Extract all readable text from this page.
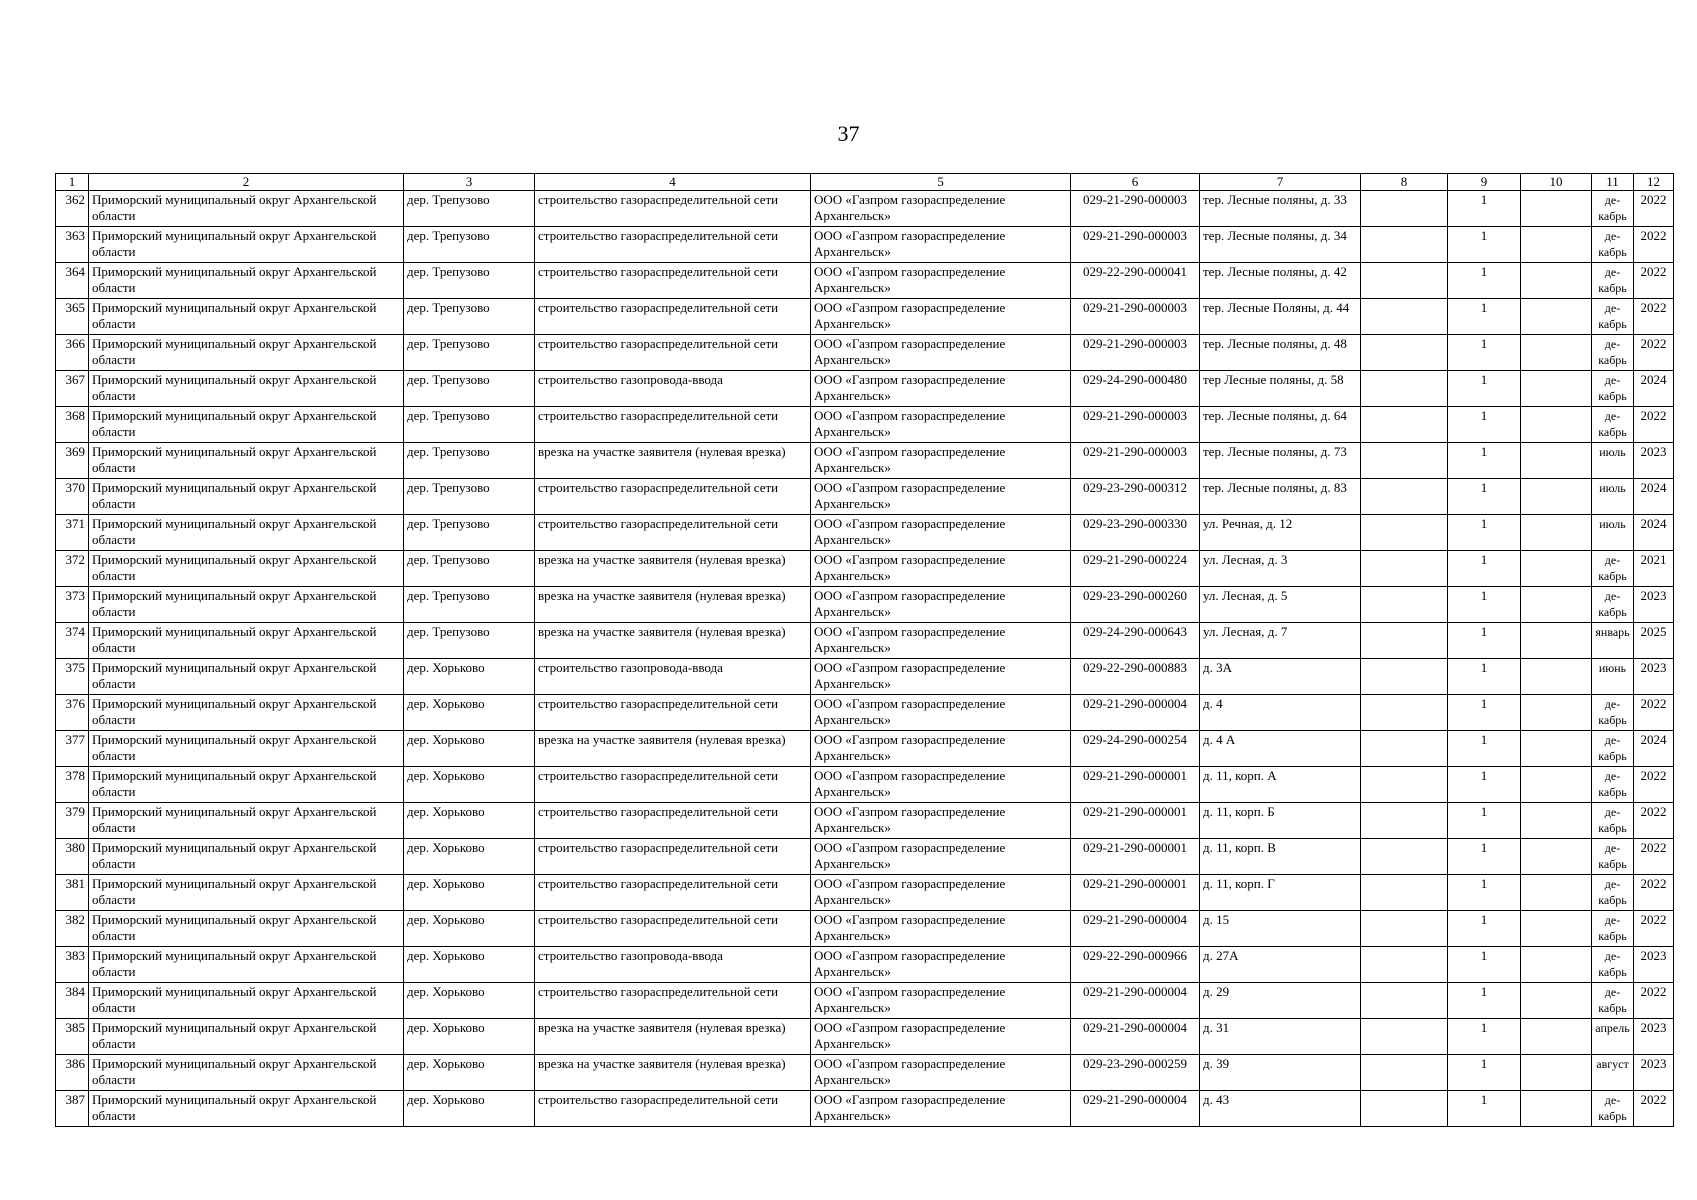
37
1	2	3	4	5	6	7	8	9	10	11	12
362	Приморский муниципальный округ Архангельской области	дер. Трепузово	строительство газораспределительной сети	ООО «Газпром газораспределение Архангельск»	029-21-290-000003	тер. Лесные поляны, д. 33		1		де-кабрь	2022
363	Приморский муниципальный округ Архангельской области	дер. Трепузово	строительство газораспределительной сети	ООО «Газпром газораспределение Архангельск»	029-21-290-000003	тер. Лесные поляны, д. 34		1		де-кабрь	2022
364	Приморский муниципальный округ Архангельской области	дер. Трепузово	строительство газораспределительной сети	ООО «Газпром газораспределение Архангельск»	029-22-290-000041	тер. Лесные поляны, д. 42		1		де-кабрь	2022
365	Приморский муниципальный округ Архангельской области	дер. Трепузово	строительство газораспределительной сети	ООО «Газпром газораспределение Архангельск»	029-21-290-000003	тер. Лесные Поляны, д. 44		1		де-кабрь	2022
366	Приморский муниципальный округ Архангельской области	дер. Трепузово	строительство газораспределительной сети	ООО «Газпром газораспределение Архангельск»	029-21-290-000003	тер. Лесные поляны, д. 48		1		де-кабрь	2022
367	Приморский муниципальный округ Архангельской области	дер. Трепузово	строительство газопровода-ввода	ООО «Газпром газораспределение Архангельск»	029-24-290-000480	тер Лесные поляны, д. 58		1		де-кабрь	2024
368	Приморский муниципальный округ Архангельской области	дер. Трепузово	строительство газораспределительной сети	ООО «Газпром газораспределение Архангельск»	029-21-290-000003	тер. Лесные поляны, д. 64		1		де-кабрь	2022
369	Приморский муниципальный округ Архангельской области	дер. Трепузово	врезка на участке заявителя (нулевая врезка)	ООО «Газпром газораспределение Архангельск»	029-21-290-000003	тер. Лесные поляны, д. 73		1		июль	2023
370	Приморский муниципальный округ Архангельской области	дер. Трепузово	строительство газораспределительной сети	ООО «Газпром газораспределение Архангельск»	029-23-290-000312	тер. Лесные поляны, д. 83		1		июль	2024
371	Приморский муниципальный округ Архангельской области	дер. Трепузово	строительство газораспределительной сети	ООО «Газпром газораспределение Архангельск»	029-23-290-000330	ул. Речная, д. 12		1		июль	2024
372	Приморский муниципальный округ Архангельской области	дер. Трепузово	врезка на участке заявителя (нулевая врезка)	ООО «Газпром газораспределение Архангельск»	029-21-290-000224	ул. Лесная, д. 3		1		де-кабрь	2021
373	Приморский муниципальный округ Архангельской области	дер. Трепузово	врезка на участке заявителя (нулевая врезка)	ООО «Газпром газораспределение Архангельск»	029-23-290-000260	ул. Лесная, д. 5		1		де-кабрь	2023
374	Приморский муниципальный округ Архангельской области	дер. Трепузово	врезка на участке заявителя (нулевая врезка)	ООО «Газпром газораспределение Архангельск»	029-24-290-000643	ул. Лесная, д. 7		1		январь	2025
375	Приморский муниципальный округ Архангельской области	дер. Хорьково	строительство газопровода-ввода	ООО «Газпром газораспределение Архангельск»	029-22-290-000883	д. 3А		1		июнь	2023
376	Приморский муниципальный округ Архангельской области	дер. Хорьково	строительство газораспределительной сети	ООО «Газпром газораспределение Архангельск»	029-21-290-000004	д. 4		1		де-кабрь	2022
377	Приморский муниципальный округ Архангельской области	дер. Хорьково	врезка на участке заявителя (нулевая врезка)	ООО «Газпром газораспределение Архангельск»	029-24-290-000254	д. 4 А		1		де-кабрь	2024
378	Приморский муниципальный округ Архангельской области	дер. Хорьково	строительство газораспределительной сети	ООО «Газпром газораспределение Архангельск»	029-21-290-000001	д. 11, корп. А		1		де-кабрь	2022
379	Приморский муниципальный округ Архангельской области	дер. Хорьково	строительство газораспределительной сети	ООО «Газпром газораспределение Архангельск»	029-21-290-000001	д. 11, корп. Б		1		де-кабрь	2022
380	Приморский муниципальный округ Архангельской области	дер. Хорьково	строительство газораспределительной сети	ООО «Газпром газораспределение Архангельск»	029-21-290-000001	д. 11, корп. В		1		де-кабрь	2022
381	Приморский муниципальный округ Архангельской области	дер. Хорьково	строительство газораспределительной сети	ООО «Газпром газораспределение Архангельск»	029-21-290-000001	д. 11, корп. Г		1		де-кабрь	2022
382	Приморский муниципальный округ Архангельской области	дер. Хорьково	строительство газораспределительной сети	ООО «Газпром газораспределение Архангельск»	029-21-290-000004	д. 15		1		де-кабрь	2022
383	Приморский муниципальный округ Архангельской области	дер. Хорьково	строительство газопровода-ввода	ООО «Газпром газораспределение Архангельск»	029-22-290-000966	д. 27А		1		де-кабрь	2023
384	Приморский муниципальный округ Архангельской области	дер. Хорьково	строительство газораспределительной сети	ООО «Газпром газораспределение Архангельск»	029-21-290-000004	д. 29		1		де-кабрь	2022
385	Приморский муниципальный округ Архангельской области	дер. Хорьково	врезка на участке заявителя (нулевая врезка)	ООО «Газпром газораспределение Архангельск»	029-21-290-000004	д. 31		1		апрель	2023
386	Приморский муниципальный округ Архангельской области	дер. Хорьково	врезка на участке заявителя (нулевая врезка)	ООО «Газпром газораспределение Архангельск»	029-23-290-000259	д. 39		1		август	2023
387	Приморский муниципальный округ Архангельской области	дер. Хорьково	строительство газораспределительной сети	ООО «Газпром газораспределение Архангельск»	029-21-290-000004	д. 43		1		де-кабрь	2022
